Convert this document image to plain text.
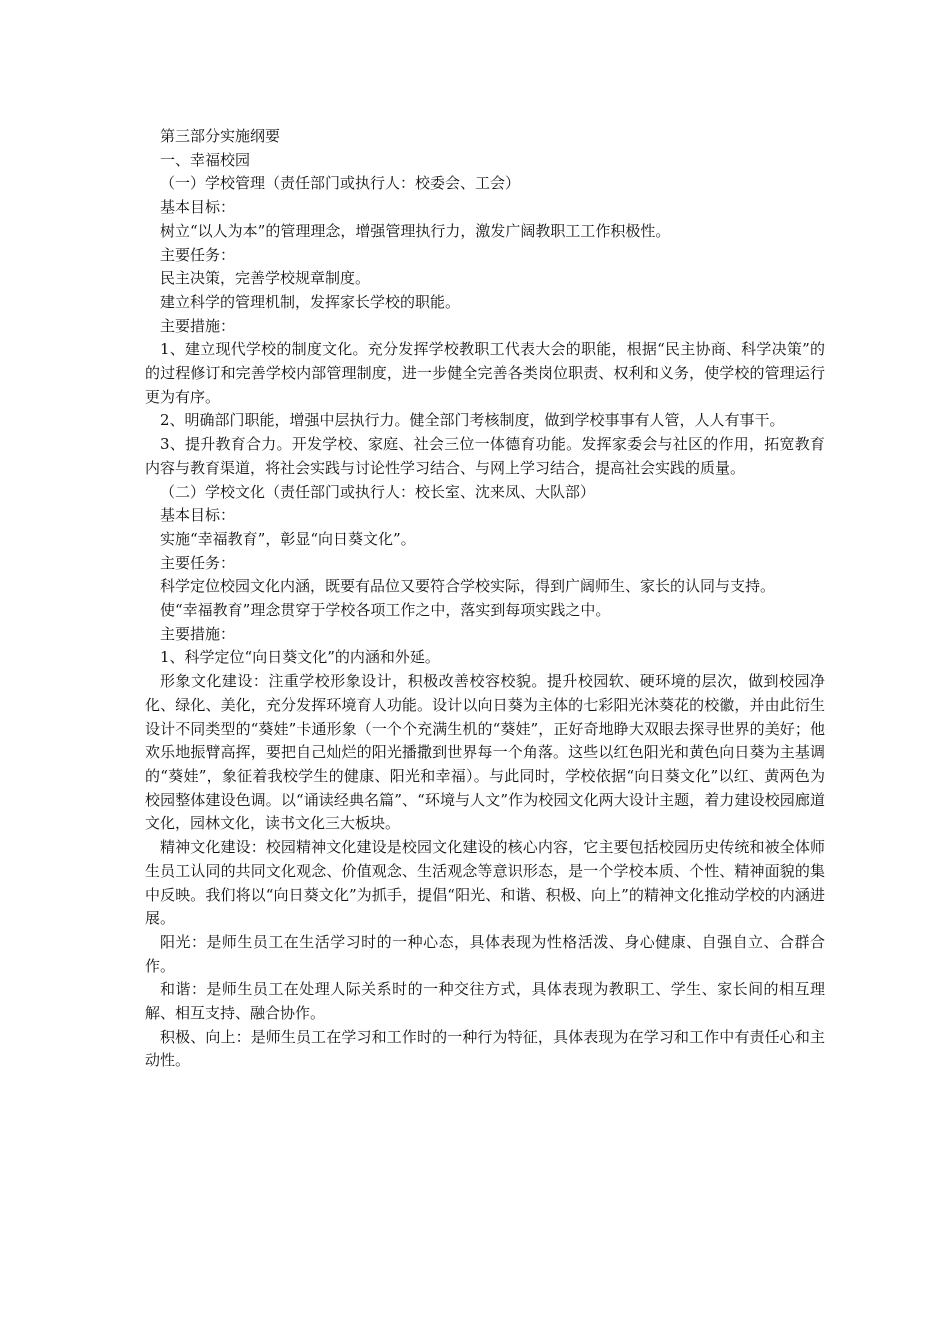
第三部分实施纲要

一、幸福校园

（一）学校管理（责任部门或执行人：校委会、工会）

基本目标：

树立“以人为本”的管理理念，增强管理执行力，激发广阔教职工工作积极性。

主要任务：

民主决策，完善学校规章制度。

建立科学的管理机制，发挥家长学校的职能。

主要措施：

1、建立现代学校的制度文化。充分发挥学校教职工代表大会的职能，根据“民主协商、科学决策”的的过程修订和完善学校内部管理制度，进一步健全完善各类岗位职责、权利和义务，使学校的管理运行更为有序。

2、明确部门职能，增强中层执行力。健全部门考核制度，做到学校事事有人管，人人有事干。

3、提升教育合力。开发学校、家庭、社会三位一体德育功能。发挥家委会与社区的作用，拓宽教育内容与教育渠道，将社会实践与讨论性学习结合、与网上学习结合，提高社会实践的质量。

（二）学校文化（责任部门或执行人：校长室、沈来凤、大队部）

基本目标：

实施“幸福教育”，彰显“向日葵文化”。

主要任务：

科学定位校园文化内涵，既要有品位又要符合学校实际，得到广阔师生、家长的认同与支持。

使“幸福教育”理念贯穿于学校各项工作之中，落实到每项实践之中。

主要措施：

1、科学定位“向日葵文化”的内涵和外延。

形象文化建设：注重学校形象设计，积极改善校容校貌。提升校园软、硬环境的层次，做到校园净化、绿化、美化，充分发挥环境育人功能。设计以向日葵为主体的七彩阳光沐葵花的校徽，并由此衍生设计不同类型的“葵娃”卡通形象（一个个充满生机的“葵娃”，正好奇地睁大双眼去探寻世界的美好；他欢乐地振臂高挥，要把自己灿烂的阳光播撒到世界每一个角落。这些以红色阳光和黄色向日葵为主基调的“葵娃”，象征着我校学生的健康、阳光和幸福）。与此同时，学校依据“向日葵文化”以红、黄两色为校园整体建设色调。以“诵读经典名篇”、“环境与人文”作为校园文化两大设计主题，着力建设校园廊道文化，园林文化，读书文化三大板块。

精神文化建设：校园精神文化建设是校园文化建设的核心内容，它主要包括校园历史传统和被全体师生员工认同的共同文化观念、价值观念、生活观念等意识形态，是一个学校本质、个性、精神面貌的集中反映。我们将以“向日葵文化”为抓手，提倡“阳光、和谐、积极、向上”的精神文化推动学校的内涵进展。

阳光：是师生员工在生活学习时的一种心态，具体表现为性格活泼、身心健康、自强自立、合群合作。

和谐：是师生员工在处理人际关系时的一种交往方式，具体表现为教职工、学生、家长间的相互理解、相互支持、融合协作。

积极、向上：是师生员工在学习和工作时的一种行为特征，具体表现为在学习和工作中有责任心和主动性。
